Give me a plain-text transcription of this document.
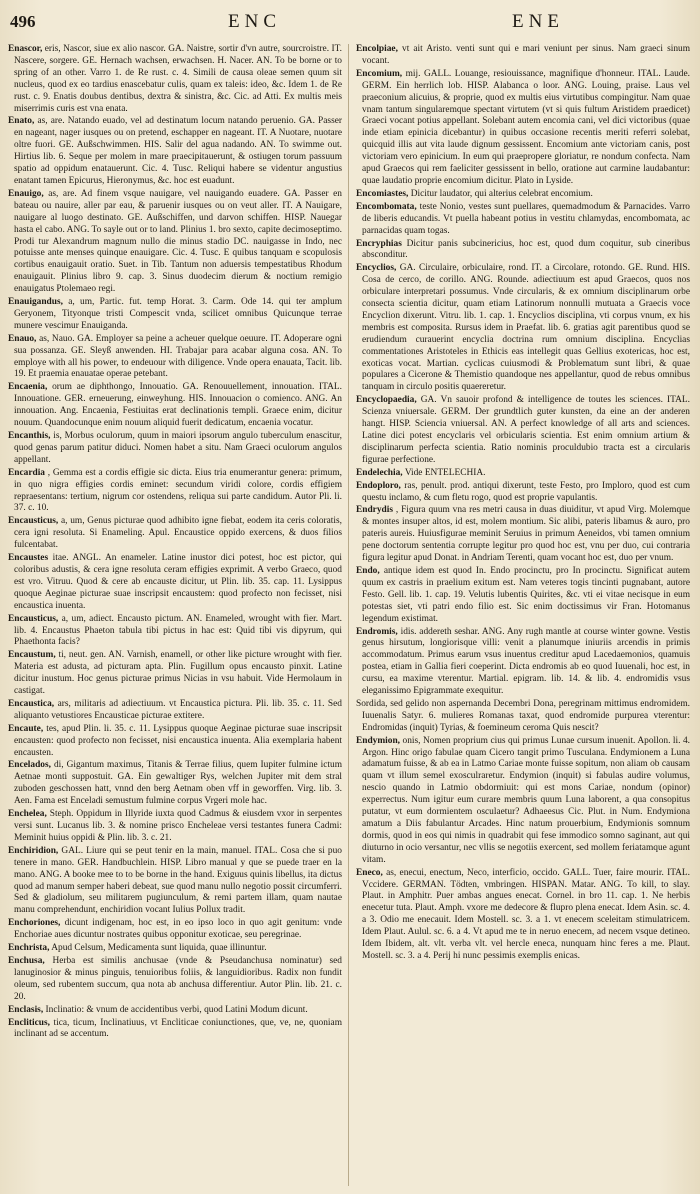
496	ENC	ENE

Enascor, eris, Nascor, siue ex alio nascor. GA. Naistre, sortir d'vn autre, sourcroistre. IT. Nascere, sorgere. GE. Hernach wachsen, erwachsen. H. Nacer. AN. To be borne or to spring of an other. Varro 1. de Re rust. c. 4. Simili de causa oleae semen quum sit nucleus, quod ex eo tardius enascebatur culis, quam ex taleis: ideo, &c. Idem 1. de Re rust. c. 9. Enatis doubus dentibus, dextra & sinistra, &c. Cic. ad Atti. Ex multis meis miserrimis curis est vna enata.

Enato, as, are. Natando euado, vel ad destinatum locum natando peruenio. GA. Passer en nageant, nager iusques ou on pretend, eschapper en nageant. IT. A Nuotare, nuotare oltre fuori. GE. Außschwimmen. HIS. Salir del agua nadando. AN. To swimme out. Hirtius lib. 6. Seque per molem in mare praecipitauerunt, & ostiugen torum passuum spatio ad oppidum enatauerunt. Cic. 4. Tusc. Reliqui habere se videntur angustius enatant tamen Epicurus, Hieronymus, &c. hoc est euadunt.

Enauigo, as, are. Ad finem vsque nauigare, vel nauigando euadere. GA. Passer en bateau ou nauire, aller par eau, & paruenir iusques ou on veut aller. IT. A Nauigare, nauigare al luogo destinato. GE. Außschiffen, und darvon schiffen. HISP. Nauegar hasta el cabo. ANG. To sayle out or to land. Plinius 1. bro sexto, capite decimoseptimo. Prodi tur Alexandrum magnum nullo die minus stadio DC. nauigasse in Indo, nec potuisse ante menses quinque enauigare. Cic. 4. Tusc. E quibus tanquam e scopulosis cortibus enauigauit oratio. Suet. in Tib. Tantum non aduersis tempestatibus Rhodum enauigauit. Plinius libro 9. cap. 3. Sinus duodecim dierum & noctium remigio enauigatus Ptolemaeo regi.

Enauigandus, a, um, Partic. fut. temp Horat. 3. Carm. Ode 14. qui ter amplum Geryonem, Tityonque tristi Compescit vnda, scilicet omnibus Quicunque terrae munere vescimur Enauiganda.

Enauo, as, Nauo. GA. Employer sa peine a acheuer quelque oeuure. IT. Adoperare ogni sua possanza. GE. Sleyß anwenden. HI. Trabajar para acabar alguna cosa. AN. To employe with all his power, to endeuour with diligence. Vnde opera enauata, Tacit. lib. 19. Et praemia enauatae operae petebant.

Encaenia, orum ae diphthongo, Innouatio. GA. Renouuellement, innouation. ITAL. Innouatione. GER. erneuerung, einweyhung. HIS. Innouacion o comienco. ANG. An innouation. Ang. Encaenia, Festiuitas erat declinationis templi. Graece enim, dicitur nouum. Quandocunque enim nouum aliquid fuerit dedicatum, encaenia vocatur.

Encanthis, is, Morbus oculorum, quum in maiori ipsorum angulo tuberculum enascitur, quod genas parum patitur diduci. Nomen habet a situ. Nam Graeci oculorum angulos appellant.

Encardia , Gemma est a cordis effigie sic dicta. Eius tria enumerantur genera: primum, in quo nigra effigies cordis eminet: secundum viridi colore, cordis effigiem repraesentans: tertium, nigrum cor ostendens, reliqua sui parte candidum. Autor Pli. li. 37. c. 10.

Encausticus, a, um, Genus picturae quod adhibito igne fiebat, eodem ita ceris coloratis, cera igni resoluta. Si Enameling. Apul. Encaustice oppido exercens, & duos filios fulcentabat.

Encaustes itae. ANGL. An enameler. Latine inustor dici potest, hoc est pictor, qui coloribus adustis, & cera igne resoluta ceram effigies exprimit. A verbo Graeco, quod est vro. Vitruu. Quod & cere ab encauste dicitur, ut Plin. lib. 35. cap. 11. Lysippus quoque Aeginae picturae suae inscripsit encaustem: quod profecto non fecisset, nisi encaustica inuenta.

Encausticus, a, um, adiect. Encausto pictum. AN. Enameled, wrought with fier. Mart. lib. 4. Encaustus Phaeton tabula tibi pictus in hac est: Quid tibi vis dipyrum, qui Phaethonta facis?

Encaustum, ti, neut. gen. AN. Varnish, enamell, or other like picture wrought with fier. Materia est adusta, ad picturam apta. Plin. Fugillum opus encausto pinxit. Latine dicitur inustum. Hoc genus picturae primus Nicias in vsu habuit. Vide Hermolaum in castigat.

Encaustica, ars, militaris ad adiectiuum. vt Encaustica pictura. Pli. lib. 35. c. 11. Sed aliquanto vetustiores Encausticae picturae extitere.

Encaute, tes, apud Plin. li. 35. c. 11. Lysippus quoque Aeginae picturae suae inscripsit encausten: quod profecto non fecisset, nisi encaustica inuenta. Alia exemplaria habent encausten.

Encelados, di, Gigantum maximus, Titanis & Terrae filius, quem Iupiter fulmine ictum Aetnae monti suppostuit. GA. Ein gewaltiger Rys, welchen Jupiter mit dem stral zuboden geschossen hatt, vnnd den berg Aetnam oben vff in geworffen. Virg. lib. 3. Aen. Fama est Enceladi semustum fulmine corpus Vrgeri mole hac.

Enchelea, Steph. Oppidum in Illyride iuxta quod Cadmus & eiusdem vxor in serpentes versi sunt. Lucanus lib. 3. & nomine prisco Encheleae versi testantes funera Cadmi: Meminit huius oppidi & Plin. lib. 3. c. 21.

Enchiridion, GAL. Liure qui se peut tenir en la main, manuel. ITAL. Cosa che si puo tenere in mano. GER. Handbuchlein. HISP. Libro manual y que se puede traer en la mano. ANG. A booke mee to to be borne in the hand. Exiguus quinis libellus, ita dictus quod ad manum semper haberi debeat, sue quod manu nullo negotio possit circumferri. Sed & gladiolum, seu militarem pugiunculum, & remi partem illam, quam nautae manu comprehendunt, enchiridion vocant Iulius Pollux tradit.

Enchoriones, dicunt indigenam, hoc est, in eo ipso loco in quo agit genitum: vnde Enchoriae aues dicuntur nostrates quibus opponitur exoticae, seu peregrinae.

Enchrista, Apud Celsum, Medicamenta sunt liquida, quae illinuntur.

Enchusa, Herba est similis anchusae (vnde & Pseudanchusa nominatur) sed lanuginosior & minus pinguis, tenuioribus foliis, & languidioribus. Radix non fundit oleum, sed rubentem succum, qua nota ab anchusa differentiur. Autor Plin. lib. 21. c. 20.

Enclasis, Inclinatio: & vnum de accidentibus verbi, quod Latini Modum dicunt.

Encliticus, tica, ticum, Inclinatiuus, vt Encliticae coniunctiones, que, ve, ne, quoniam inclinant ad se accentum.

Encolpiae, vt ait Aristo. venti sunt qui e mari veniunt per sinus. Nam graeci sinum vocant.

Encomium, mij. GALL. Louange, resiouissance, magnifique d'honneur. ITAL. Laude. GERM. Ein herrlich lob. HISP. Alabanca o loor. ANG. Louing, praise. Laus vel praeconium alicuius, & proprie, quod ex multis eius virtutibus compingitur. Nam quae vnam tantum singularemque spectant virtutem (vt si quis fultum Aristidem praedicet) Graeci vocant potius appellant. Solebant autem encomia cani, vel dici victoribus (quae inde etiam epinicia dicebantur) in quibus occasione recentis meriti referri solebat, quicquid illis aut vita laude dignum gessissent. Encomium ante victoriam canis, post victoriam vero epinicium. In eum qui praepropere gloriatur, re nondum confecta. Nam apud Graecos qui rem faeliciter gessissent in bello, oratione aut carmine laudabantur: quae laudatio proprie encomium dicitur. Plato in Lyside.

Encomiastes, Dicitur laudator, qui alterius celebrat encomium.

Encombomata, teste Nonio, vestes sunt puellares, quemadmodum & Parnacides. Varro de liberis educandis. Vt puella habeant potius in vestitu chlamydas, encombomata, ac parnacidas quam togas.

Encryphias Dicitur panis subcinericius, hoc est, quod dum coquitur, sub cineribus absconditur.

Encyclios, GA. Circulaire, orbiculaire, rond. IT. a Circolare, rotondo. GE. Rund. HIS. Cosa de cerco, de corillo. ANG. Rounde. adiectiuum est apud Graecos, quos nos orbiculare interpretari possumus. Vnde circularis, & ex omnium disciplinarum orbe consecta scientia dicitur, quam etiam Latinorum nonnulli mutuata a Graecis voce Encyclion dixerunt. Vitru. lib. 1. cap. 1. Encyclios disciplina, vti corpus vnum, ex his membris est composita. Rursus idem in Praefat. lib. 6. gratias agit parentibus quod se erudiendum curauerint encyclia doctrina rum omnium disciplina. Encyclias commentationes Aristoteles in Ethicis eas intellegit quas Gellius exotericas, hoc est, exoticas vocat. Martian. cyclicas cuiusmodi & Problematum sunt libri, & quae populares a Cicerone & Themistio quandoque nes appellantur, quod de rebus omnibus tanquam in circulo positis quaereretur.

Encyclopaedia, GA. Vn sauoir profond & intelligence de toutes les sciences. ITAL. Scienza vniuersale. GERM. Der grundtlich guter kunsten, da eine an der anderen hangt. HISP. Sciencia vniuersal. AN. A perfect knowledge of all arts and sciences. Latine dici potest encyclaris vel orbicularis scientia. Est enim omnium artium & disciplinarum perfecta scientia. Ratio nominis proculdubio tracta est a circularis figurae perfectione.

Endelechia, Vide ENTELECHIA.

Endoploro, ras, penult. prod. antiqui dixerunt, teste Festo, pro Imploro, quod est cum questu inclamo, & cum fletu rogo, quod est proprie vapulantis.

Endrydis , Figura quum vna res metri causa in duas diuiditur, vt apud Virg. Molemque & montes insuper altos, id est, molem montium. Sic alibi, pateris libamus & auro, pro pateris aureis. Huiusfigurae meminit Seruius in primum Aeneidos, vbi tamen omnium pene doctorum sententia corrupte legitur pro quod hoc est, vnu per duo, cui contraria figura legitur apud Donat. in Andriam Terenti, quam vocant hoc est, duo per vnum.

Endo, antique idem est quod In. Endo procinctu, pro In procinctu. Significat autem quum ex castris in praelium exitum est. Nam veteres togis tincinti pugnabant, autore Festo. Gell. lib. 1. cap. 19. Velutis lubentis Quirites, &c. vti ei vitae necisque in eum potestas siet, vti patri endo filio est. Sic enim doctissimus vir Fran. Hotomanus legendum existimat.

Endromis, idis. addereth seshar. ANG. Any rugh mantle at course winter gowne. Vestis genus hirsutum, longiorisque villi: venit a planumque iniuriis arcendis in primis accommodatum. Primus earum vsus inuentus creditur apud Lacedaemonios, quamuis postea, etiam in Gallia fieri coeperint. Dicta endromis ab eo quod Iuuenali, hoc est, in cursu, ea maxime vterentur. Martial. epigram. lib. 14. & lib. 4. endromidis vsus eleganissimo Epigrammate exequitur.

Sordida, sed gelido non aspernanda Decembri Dona, peregrinam mittimus endromidem. Iuuenalis Satyr. 6. mulieres Romanas taxat, quod endromide purpurea vterentur: Endromidas (inquit) Tyrias, & foemineum ceroma Quis nescit?

Endymion, onis, Nomen proprium cius qui primus Lunae cursum inuenit. Apollon. li. 4. Argon. Hinc origo fabulae quam Cicero tangit primo Tusculana. Endymionem a Luna adamatum fuisse, & ab ea in Latmo Cariae monte fuisse sopitum, non aliam ob causam quam vt illum semel exosculraretur. Endymion (inquit) si fabulas audire volumus, nescio quando in Latmio obdormiuit: qui est mons Cariae, nondum (opinor) experrectus. Num igitur eum curare membris quum Luna laborent, a qua consopitus putatur, vt eum dormientem osculaetur? Adhaeesus Cic. Plut. in Num. Endymiona amatum a Diis fabulantur Arcades. Hinc natum prouerbium, Endymionis somnum dormis, quod in eos qui nimis in quadrabit qui fese immodico somno saginant, aut qui diuturno in ocio versantur, nec vllis se negotiis exercent, sed mollem feriatamque agunt vitam.

Eneco, as, enecui, enectum, Neco, interficio, occido. GALL. Tuer, faire mourir. ITAL. Vccidere. GERMAN. Tödten, vmbringen. HISPAN. Matar. ANG. To kill, to slay. Plaut. in Amphitr. Puer ambas angues enecat. Cornel. in bro 11. cap. 1. Ne herbis enecetur tuta. Plaut. Amph. vxore me dedecore & flupro plena enecat. Idem Asin. sc. 4. a 3. Odio me enecauit. Idem Mostell. sc. 3. a 1. vt enecem sceleitam stimulatricem. Idem Plaut. Aulul. sc. 6. a 4. Vt apud me te in neruo enecem, ad necem vsque detineo. Idem Ibidem, alt. vlt. verba vlt. vel hercle eneca, nunquam hinc feres a me. Plaut. Mostell. sc. 3. a 4. Perij hi nunc pessimis exemplis enicas.
